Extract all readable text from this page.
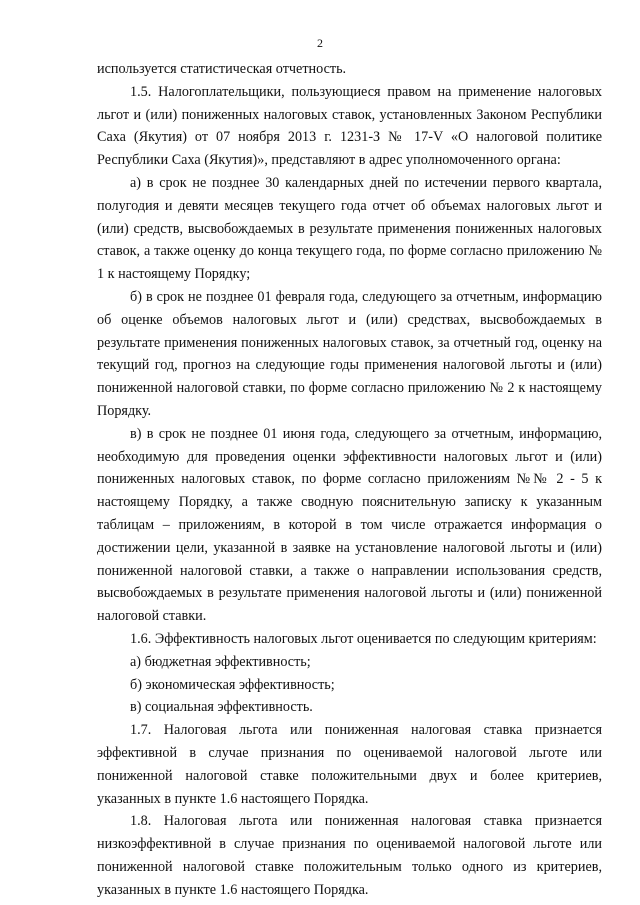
2

используется статистическая отчетность.

1.5. Налогоплательщики, пользующиеся правом на применение налоговых льгот и (или) пониженных налоговых ставок, установленных Законом Республики Саха (Якутия) от 07 ноября 2013 г. 1231-З № 17-V «О налоговой политике Республики Саха (Якутия)», представляют в адрес уполномоченного органа:

а) в срок не позднее 30 календарных дней по истечении первого квартала, полугодия и девяти месяцев текущего года отчет об объемах налоговых льгот и (или) средств, высвобождаемых в результате применения пониженных налоговых ставок, а также оценку до конца текущего года, по форме согласно приложению № 1 к настоящему Порядку;

б) в срок не позднее 01 февраля года, следующего за отчетным, информацию об оценке объемов налоговых льгот и (или) средствах, высвобождаемых в результате применения пониженных налоговых ставок, за отчетный год, оценку на текущий год, прогноз на следующие годы применения налоговой льготы и (или) пониженной налоговой ставки, по форме согласно приложению № 2 к настоящему Порядку.

в) в срок не позднее 01 июня года, следующего за отчетным, информацию, необходимую для проведения оценки эффективности налоговых льгот и (или) пониженных налоговых ставок, по форме согласно приложениям №№ 2 - 5 к настоящему Порядку, а также сводную пояснительную записку к указанным таблицам – приложениям, в которой в том числе отражается информация о достижении цели, указанной в заявке на установление налоговой льготы и (или) пониженной налоговой ставки, а также о направлении использования средств, высвобождаемых в результате применения налоговой льготы и (или) пониженной налоговой ставки.

1.6. Эффективность налоговых льгот оценивается по следующим критериям:

а) бюджетная эффективность;

б) экономическая эффективность;

в) социальная эффективность.

1.7. Налоговая льгота или пониженная налоговая ставка признается эффективной в случае признания по оцениваемой налоговой льготе или пониженной налоговой ставке положительными двух и более критериев, указанных в пункте 1.6 настоящего Порядка.

1.8. Налоговая льгота или пониженная налоговая ставка признается низкоэффективной в случае признания по оцениваемой налоговой льготе или пониженной налоговой ставке положительным только одного из критериев, указанных в пункте 1.6 настоящего Порядка.
